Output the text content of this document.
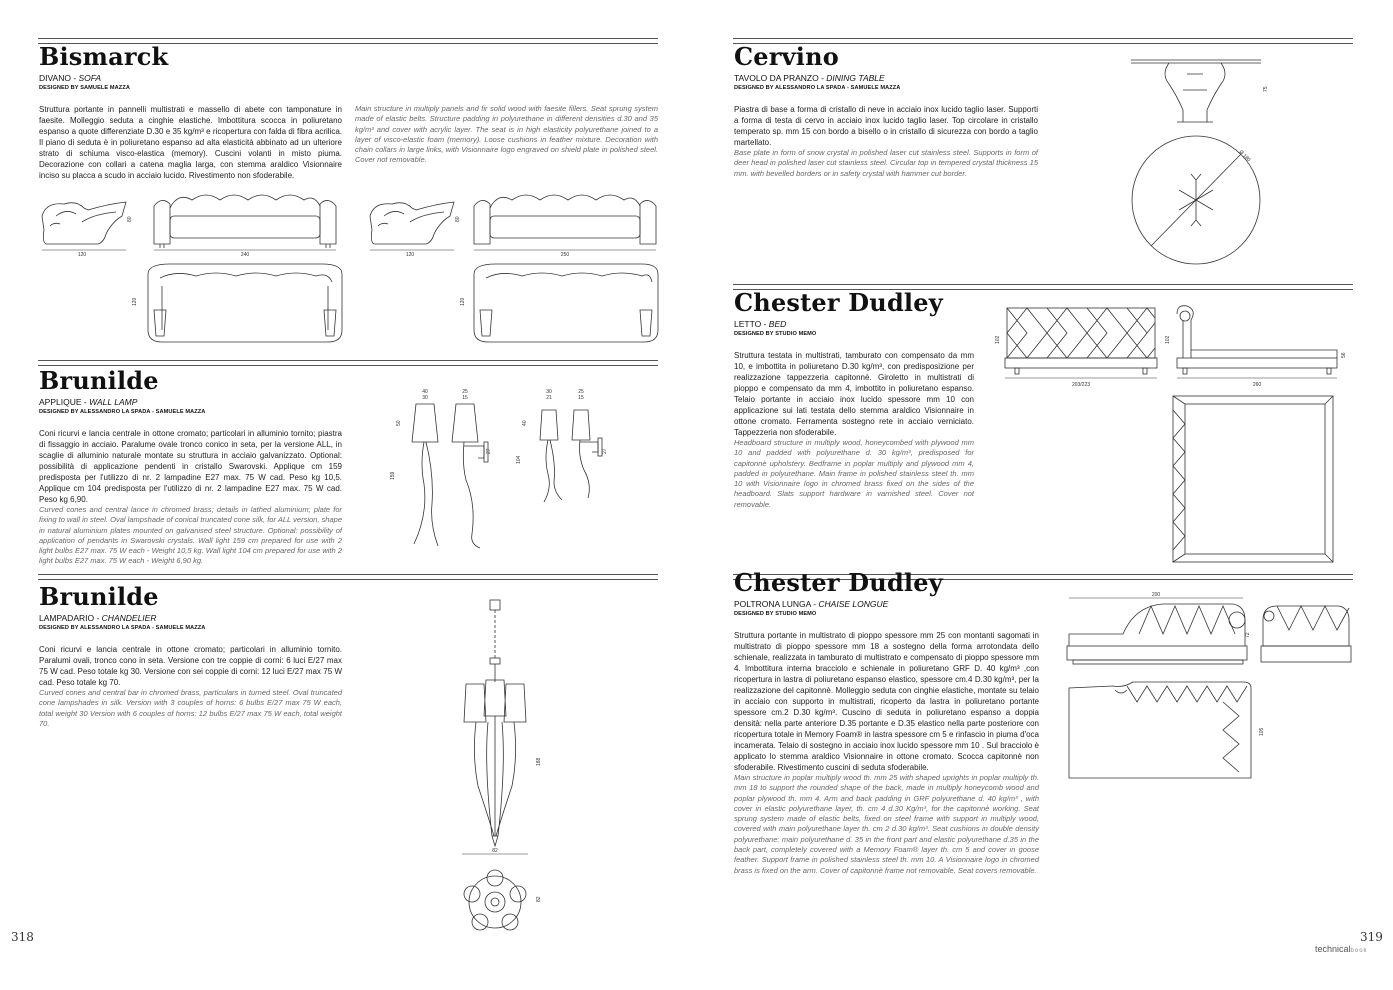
Bismarck
DIVANO - SOFA
DESIGNED BY SAMUELE MAZZA

Struttura portante in pannelli multistrati e massello di abete con tamponature in faesite. Molleggio seduta a cinghie elastiche. Imbottitura scocca in poliuretano espanso a quote differenziate D.30 e 35 kg/m³ e ricopertura con falda di fibra acrilica. Il piano di seduta è in poliuretano espanso ad alta elasticità abbinato ad un ulteriore strato di schiuma visco-elastica (memory). Cuscini volanti in misto piuma. Decorazione con collari a catena maglia larga, con stemma araldico Visionnaire inciso su placca a scudo in acciaio lucido. Rivestimento non sfoderabile.

Main structure in multiply panels and fir solid wood with faesite fillers. Seat sprung system made of elastic belts. Structure padding in polyurethane in different densities d.30 and 35 kg/m³ and cover with acrylic layer. The seat is in high elasticity polyurethane joined to a layer of visco-elastic foam (memory). Loose cushions in feather mixture. Decoration with chain collars in large links, with Visionnaire logo engraved on shield plate in polished steel. Cover not removable.

120
80
240
120
120
80
250
120
Brunilde
APPLIQUE - WALL LAMP
DESIGNED BY ALESSANDRO LA SPADA - SAMUELE MAZZA

Coni ricurvi e lancia centrale in ottone cromato; particolari in alluminio tornito; piastra di fissaggio in acciaio. Paralume ovale tronco conico in seta, per la versione ALL, in scaglie di alluminio naturale montate su struttura in acciaio galvanizzato. Optional: possibilità di applicazione pendenti in cristallo Swarovski. Applique cm 159 predisposta per l'utilizzo di nr. 2 lampadine E27 max. 75 W cad. Peso kg 10,5. Applique cm 104 predisposta per l'utilizzo di nr. 2 lampadine E27 max. 75 W cad. Peso kg 6,90.

Curved cones and central lance in chromed brass; details in lathed aluminium; plate for fixing to wall in steel. Oval lampshade of conical truncated cone silk, for ALL version, shape in natural aluminium plates mounted on galvanised steel structure. Optional: possibility of application of pendants in Swarovski crystals. Wall light 159 cm prepared for use with 2 light bulbs E27 max. 75 W each - Weight 10,5 kg. Wall light 104 cm prepared for use with 2 light bulbs E27 max. 75 W each - Weight 6,90 kg.

40
30
25
15
50
159
27
30
21
25
15
40
104
27
Brunilde
LAMPADARIO - CHANDELIER
DESIGNED BY ALESSANDRO LA SPADA - SAMUELE MAZZA

Coni ricurvi e lancia centrale in ottone cromato; particolari in alluminio tornito. Paralumi ovali, tronco cono in seta. Versione con tre coppie di corni: 6 luci E/27 max 75 W cad. Peso totale kg 30. Versione con sei coppie di corni: 12 luci E/27 max 75 W cad. Peso totale kg 70.

Curved cones and central bar in chromed brass, particulars in turned steel. Oval truncated cone lampshades in silk. Version with 3 couples of horns: 6 bulbs E/27 max 75 W each, total weight 30 Version with 6 couples of horns: 12 bulbs E/27 max 75 W each, total weight 70.

82
188
82
318
Cervino
TAVOLO DA PRANZO - DINING TABLE
DESIGNED BY ALESSANDRO LA SPADA - SAMUELE MAZZA

Piastra di base a forma di cristallo di neve in acciaio inox lucido taglio laser. Supporti a forma di testa di cervo in acciaio inox lucido taglio laser. Top circolare in cristallo temperato sp. mm 15 con bordo a bisello o in cristallo di sicurezza con bordo a taglio martellato.

Base plate in form of snow crystal in polished laser cut stainless steel. Supports in form of deer head in polished laser cut stainless steel. Circular top in tempered crystal thickness 15 mm. with bevelled borders or in safety crystal with hammer cut border.

75
Ø 180
Chester Dudley
LETTO - BED
DESIGNED BY STUDIO MEMO

Struttura testata in multistrati, tamburato con compensato da mm 10, e imbottita in poliuretano D.30 kg/m³, con predisposizione per realizzazione tappezzeria capitonnè. Giroletto in multistrati di pioppo e compensato da mm 4, imbottito in poliuretano espanso. Telaio portante in acciaio inox lucido spessore mm 10 con applicazione sui lati testata dello stemma araldico Visionnaire in ottone cromato. Ferramenta sostegno rete in acciaio verniciato. Tappezzeria non sfoderabile.

Headboard structure in multiply wood, honeycombed with plywood mm 10 and padded with polyurethane d. 30 kg/m³, predisposed for capitonnè upholstery. Bedframe in poplar multiply and plywood mm 4, padded in polyurethane. Main frame in polished stainless steel th. mm 10 with Visionnaire logo in chromed brass fixed on the sides of the headboard. Slats support hardware in varnished steel. Cover not removable.

203/223
102
260
102
56
Chester Dudley
POLTRONA LUNGA - CHAISE LONGUE
DESIGNED BY STUDIO MEMO

Struttura portante in multistrato di pioppo spessore mm 25 con montanti sagomati in multistrato di pioppo spessore mm 18 a sostegno della forma arrotondata dello schienale, realizzata in tamburato di multistrato e compensato di pioppo spessore mm 4. Imbottitura interna bracciolo e schienale in poliuretano GRF D. 40 kg/m³ ,con ricopertura in lastra di poliuretano espanso elastico, spessore cm.4 D.30 kg/m³, per la realizzazione del capitonnè. Molleggio seduta con cinghie elastiche, montate su telaio in acciaio con supporto in multistrati, ricoperto da lastra in poliuretano portante spessore cm.2 D.30 kg/m³. Cuscino di seduta in poliuretano espanso a doppia densità: nella parte anteriore D.35 portante e D.35 elastico nella parte posteriore con ricopertura totale in Memory Foam® in lastra spessore cm 5 e rinfascio in piuma d'oca incamerata. Telaio di sostegno in acciaio inox lucido spessore mm 10 . Sul bracciolo è applicato lo stemma araldico Visionnaire in ottone cromato. Scocca capitonnè non sfoderabile. Rivestimento cuscini di seduta sfoderabile.

Main structure in poplar multiply wood th. mm 25 with shaped uprights in poplar multiply th. mm 18 to support the rounded shape of the back, made in multiply honeycomb wood and poplar plywood th. mm 4. Arm and back padding in GRF polyurethane d. 40 kg/m³ , with cover in elastic polyurethane layer, th. cm 4 d.30 Kg/m³, for the capitonnè working. Seat sprung system made of elastic belts, fixed on steel frame with support in multiply wood, covered with main polyurethane layer th. cm 2 d.30 kg/m³. Seat cushions in double density polyurethane: main polyurethane d. 35 in the front part and elastic polyurethane d.35 in the back part, completely covered with a Memory Foam® layer th. cm 5 and cover in goose feather. Support frame in polished stainless steel th. mm 10. A Visionnaire logo in chromed brass is fixed on the arm. Cover of capitonnè frame not removable. Seat covers removable.

200
72
105
319
technicalbook
